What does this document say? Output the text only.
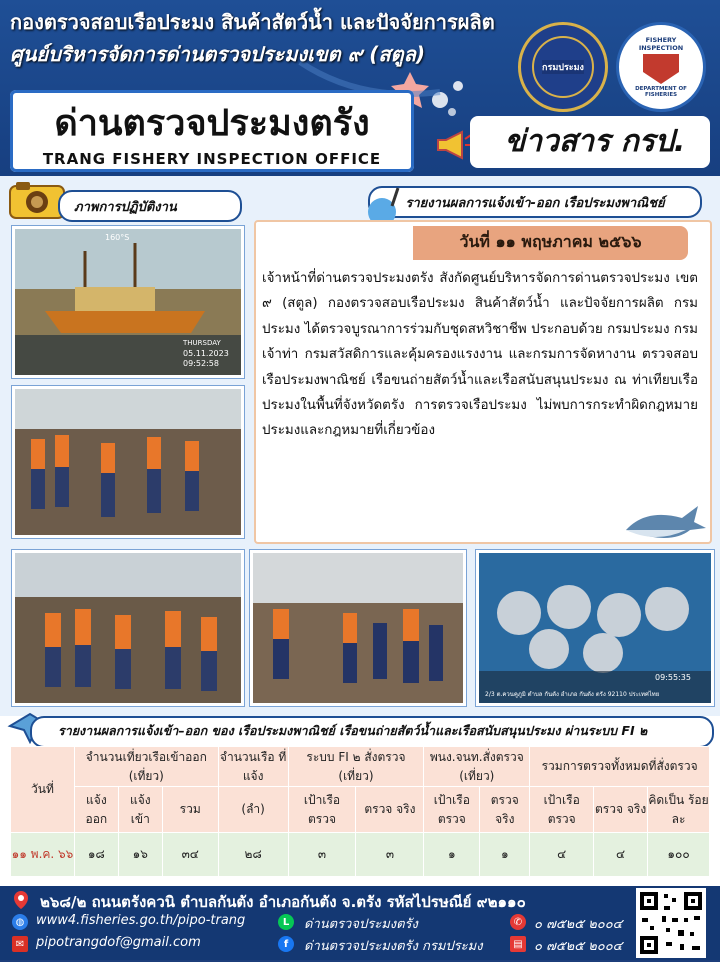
กองตรวจสอบเรือประมง สินค้าสัตว์น้ำ และปัจจัยการผลิต
ศูนย์บริหารจัดการด่านตรวจประมงเขต ๙ (สตูล)
กรมประมง
FISHERY INSPECTION
DEPARTMENT OF FISHERIES
ด่านตรวจประมงตรัง
TRANG FISHERY INSPECTION OFFICE	ข่าวสาร กรป.
ภาพการปฏิบัติงาน	รายงานผลการแจ้งเข้า-ออก เรือประมงพาณิชย์
160°S
THURSDAY
05.11.2023
09:52:58
09:55:35
2/3 ต.ควนคูภูมิ ตำบล กันตัง อำเภอ กันตัง ตรัง 92110 ประเทศไทย
วันที่ ๑๑ พฤษภาคม ๒๕๖๖
เจ้าหน้าที่ด่านตรวจประมงตรัง สังกัดศูนย์บริหารจัดการด่านตรวจประมง เขต ๙ (สตูล) กองตรวจสอบเรือประมง สินค้าสัตว์น้ำ และปัจจัยการผลิต กรมประมง ได้ตรวจบูรณาการร่วมกับชุดสหวิชาชีพ ประกอบด้วย กรมประมง กรมเจ้าท่า กรมสวัสดิการและคุ้มครองแรงงาน และกรมการจัดหางาน ตรวจสอบเรือประมงพาณิชย์ เรือขนถ่ายสัตว์น้ำและเรือสนับสนุนประมง ณ ท่าเทียบเรือประมงในพื้นที่จังหวัดตรัง การตรวจเรือประมง ไม่พบการกระทำผิดกฎหมายประมงและกฎหมายที่เกี่ยวข้อง
รายงานผลการแจ้งเข้า–ออก ของ เรือประมงพาณิชย์ เรือขนถ่ายสัตว์น้ำและเรือสนับสนุนประมง ผ่านระบบ FI ๒
วันที่	จำนวนเที่ยวเรือเข้าออก (เที่ยว)			จำนวนเรือ ที่แจ้ง	ระบบ FI ๒ สั่งตรวจ (เที่ยว)		พนง.จนท.สั่งตรวจ (เที่ยว)		รวมการตรวจทั้งหมดที่สั่งตรวจ		
	แจ้ง ออก	แจ้ง เข้า	รวม	(ลำ)	เป้าเรือ ตรวจ	ตรวจ จริง	เป้าเรือ ตรวจ	ตรวจ จริง	เป้าเรือ ตรวจ	ตรวจ จริง	คิดเป็น ร้อยละ

๑๑ พ.ค. ๖๖	๑๘	๑๖	๓๔	๒๘	๓	๓	๑	๑	๔	๔	๑๐๐
๒๖๘/๒ ถนนตรังควนิ ตำบลกันตัง อำเภอกันตัง จ.ตรัง รหัสไปรษณีย์ ๙๒๑๑๐
◍ www4.fisheries.go.th/pipo-trang
✉ pipotrangdof@gmail.com
L	ด่านตรวจประมงตรัง
f	ด่านตรวจประมงตรัง กรมประมง
✆ ๐ ๗๕๒๕ ๒๐๐๔
▤ ๐ ๗๕๒๕ ๒๐๐๔
